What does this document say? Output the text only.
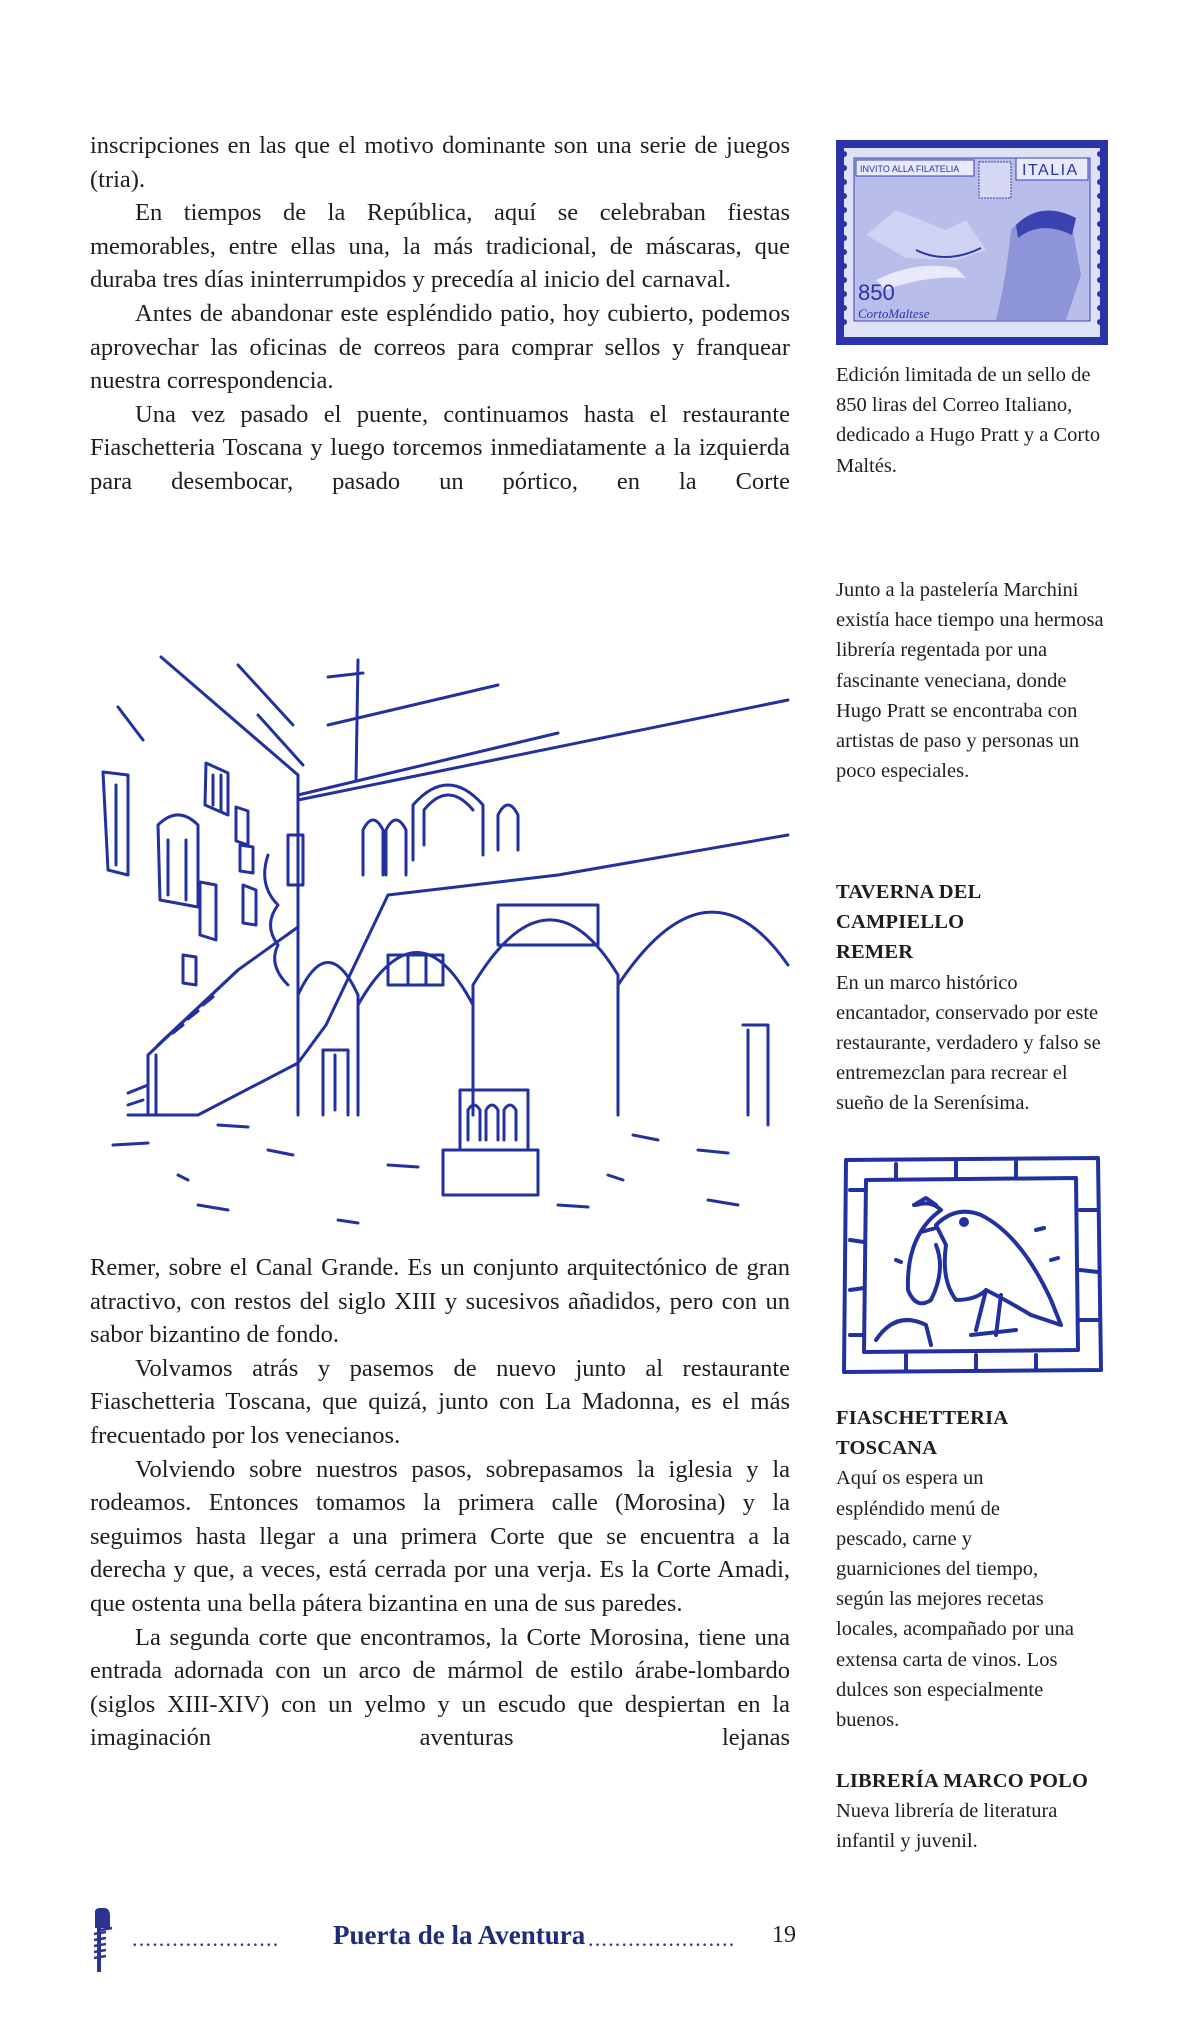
inscripciones en las que el motivo dominante son una serie de juegos (tria).

En tiempos de la República, aquí se celebraban fiestas memorables, entre ellas una, la más tradicional, de máscaras, que duraba tres días ininterrumpidos y precedía al inicio del carnaval.

Antes de abandonar este espléndido patio, hoy cubierto, podemos aprovechar las oficinas de correos para comprar sellos y franquear nuestra correspondencia.

Una vez pasado el puente, continuamos hasta el restaurante Fiaschetteria Toscana y luego torcemos inmediatamente a la izquierda para desembocar, pasado un pórtico, en la Corte

Remer, sobre el Canal Grande. Es un conjunto arquitectónico de gran atractivo, con restos del siglo XIII y sucesivos añadidos, pero con un sabor bizantino de fondo.

Volvamos atrás y pasemos de nuevo junto al restaurante Fiaschetteria Toscana, que quizá, junto con La Madonna, es el más frecuentado por los venecianos.

Volviendo sobre nuestros pasos, sobrepasamos la iglesia y la rodeamos. Entonces tomamos la primera calle (Morosina) y la seguimos hasta llegar a una primera Corte que se encuentra a la derecha y que, a veces, está cerrada por una verja. Es la Corte Amadi, que ostenta una bella pátera bizantina en una de sus paredes.

La segunda corte que encontramos, la Corte Morosina, tiene una entrada adornada con un arco de mármol de estilo árabe-lombardo (siglos XIII-XIV) con un yelmo y un escudo que despiertan en la imaginación aventuras lejanas

INVITO ALLA FILATELIA	ITALIA
850
CortoMaltese

Edición limitada de un sello de 850 liras del Correo Italiano, dedicado a Hugo Pratt y a Corto Maltés.

Junto a la pastelería Marchini existía hace tiempo una hermosa librería regentada por una fascinante veneciana, donde Hugo Pratt se encontraba con artistas de paso y personas un poco especiales.

TAVERNA DEL CAMPIELLO REMER

En un marco histórico encantador, conservado por este restaurante, verdadero y falso se entremezclan para recrear el sueño de la Serenísima.

FIASCHETTERIA TOSCANA

Aquí os espera un espléndido menú de pescado, carne y guarniciones del tiempo, según las mejores recetas locales, acompañado por una extensa carta de vinos. Los dulces son especialmente buenos.

LIBRERÍA MARCO POLO

Nueva librería de literatura infantil y juvenil.

......................	Puerta de la Aventura ......................	19
